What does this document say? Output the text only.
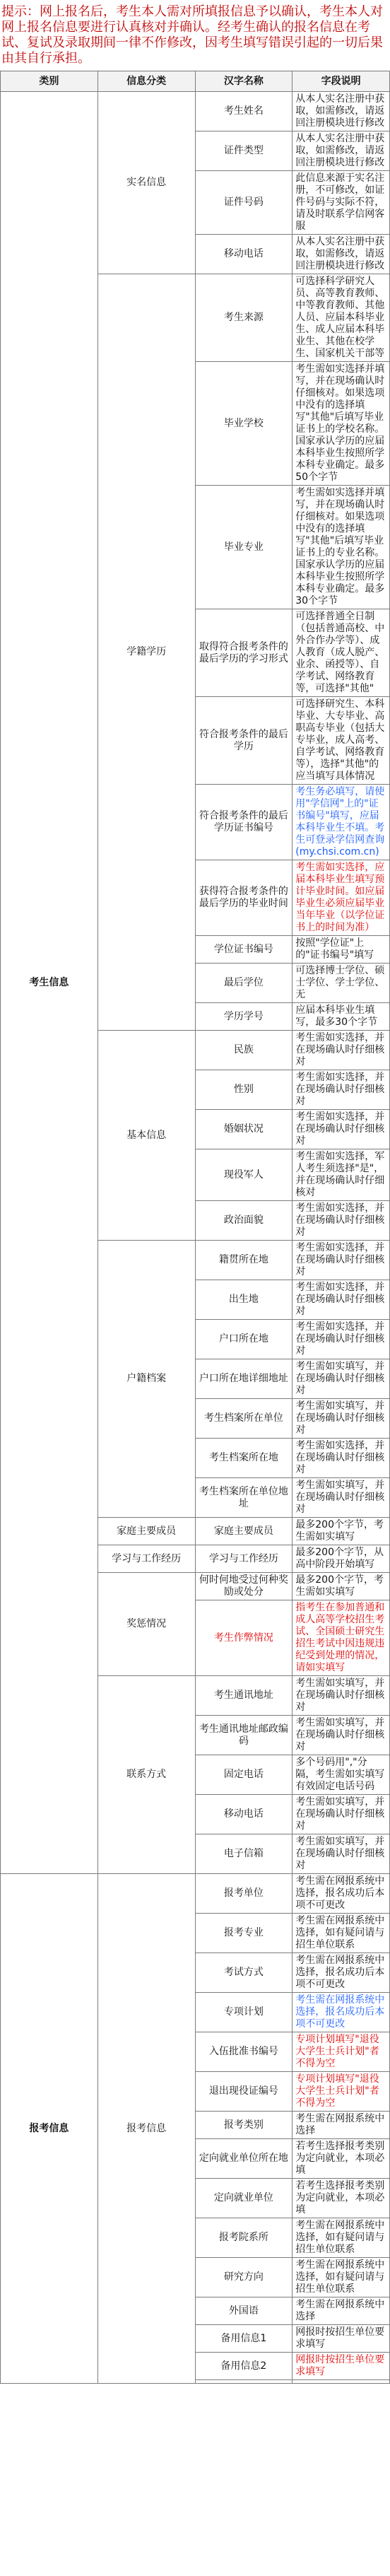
提示：网上报名后，考生本人需对所填报信息予以确认，考生本人对网上报名信息要进行认真核对并确认。经考生确认的报名信息在考试、复试及录取期间一律不作修改，因考生填写错误引起的一切后果由其自行承担。
类别	信息分类	汉字名称	字段说明
考生信息	实名信息	考生姓名	从本人实名注册中获取，如需修改，请返回注册模块进行修改
		证件类型	从本人实名注册中获取，如需修改，请返回注册模块进行修改
		证件号码	此信息来源于实名注册，不可修改，如证件号码与实际不符，请及时联系学信网客服
		移动电话	从本人实名注册中获取，如需修改，请返回注册模块进行修改
	学籍学历	考生来源	可选择科学研究人员、高等教育教师、中等教育教师、其他人员、应届本科毕业生、成人应届本科毕业生、其他在校学生、国家机关干部等
		毕业学校	考生需如实选择并填写，并在现场确认时仔细核对。如果选项中没有的选择填写"其他"后填写毕业证书上的学校名称。国家承认学历的应届本科毕业生按照所学本科专业确定。最多50个字节
		毕业专业	考生需如实选择并填写，并在现场确认时仔细核对。如果选项中没有的选择填写"其他"后填写毕业证书上的专业名称。国家承认学历的应届本科毕业生按照所学本科专业确定。最多30个字节
		取得符合报考条件的最后学历的学习形式	可选择普通全日制（包括普通高校、中外合作办学等）、成人教育（成人脱产、业余、函授等）、自学考试、网络教育等，可选择"其他"
		符合报考条件的最后学历	可选择研究生、本科毕业、大专毕业、高职高专毕业（包括大专毕业，成人高考、自学考试、网络教育等），选择"其他"的应当填写具体情况
		符合报考条件的最后学历证书编号	考生务必填写，请使用"学信网"上的"证书编号"填写，应届本科毕业生不填。考生可登录学信网查询 (my.chsi.com.cn)
		获得符合报考条件的最后学历的毕业时间	考生需如实选择，应届本科毕业生填写预计毕业时间。如应届毕业生必须应届毕业当年毕业（以学位证书上的时间为准）
		学位证书编号	按照"学位证"上的"证书编号"填写
		最后学位	可选择博士学位、硕士学位、学士学位、无
		学历学号	应届本科毕业生填写，最多30个字节
	基本信息	民族	考生需如实选择，并在现场确认时仔细核对
		性别	考生需如实选择，并在现场确认时仔细核对
		婚姻状况	考生需如实选择，并在现场确认时仔细核对
		现役军人	考生需如实选择，军人考生须选择"是"，并在现场确认时仔细核对
		政治面貌	考生需如实选择，并在现场确认时仔细核对
	户籍档案	籍贯所在地	考生需如实选择，并在现场确认时仔细核对
		出生地	考生需如实选择，并在现场确认时仔细核对
		户口所在地	考生需如实选择，并在现场确认时仔细核对
		户口所在地详细地址	考生需如实填写，并在现场确认时仔细核对
		考生档案所在单位	考生需如实填写，并在现场确认时仔细核对
		考生档案所在地	考生需如实选择，并在现场确认时仔细核对
		考生档案所在单位地址	考生需如实填写，并在现场确认时仔细核对
	家庭主要成员	家庭主要成员	最多200个字节，考生需如实填写
	学习与工作经历	学习与工作经历	最多200个字节，从高中阶段开始填写
	奖惩情况	何时何地受过何种奖励或处分	最多200个字节，考生需如实填写
		考生作弊情况	指考生在参加普通和成人高等学校招生考试、全国硕士研究生招生考试中因违规违纪受到处理的情况，请如实填写
	联系方式	考生通讯地址	考生需如实填写，并在现场确认时仔细核对
		考生通讯地址邮政编码	考生需如实填写，并在现场确认时仔细核对
		固定电话	多个号码用","分隔，考生需如实填写有效固定电话号码
		移动电话	考生需如实填写，并在现场确认时仔细核对
		电子信箱	考生需如实填写，并在现场确认时仔细核对
报考信息	报考信息	报考单位	考生需在网报系统中选择，报名成功后本项不可更改
		报考专业	考生需在网报系统中选择，如有疑问请与招生单位联系
		考试方式	考生需在网报系统中选择，报名成功后本项不可更改
		专项计划	考生需在网报系统中选择，报名成功后本项不可更改
		入伍批准书编号	专项计划填写"退役大学生士兵计划"者不得为空
		退出现役证编号	专项计划填写"退役大学生士兵计划"者不得为空
		报考类别	考生需在网报系统中选择
		定向就业单位所在地	若考生选择报考类别为定向就业，本项必填
		定向就业单位	若考生选择报考类别为定向就业，本项必填
		报考院系所	考生需在网报系统中选择，如有疑问请与招生单位联系
		研究方向	考生需在网报系统中选择，如有疑问请与招生单位联系
		外国语	考生需在网报系统中选择
		备用信息1	网报时按招生单位要求填写
		备用信息2	网报时按招生单位要求填写
